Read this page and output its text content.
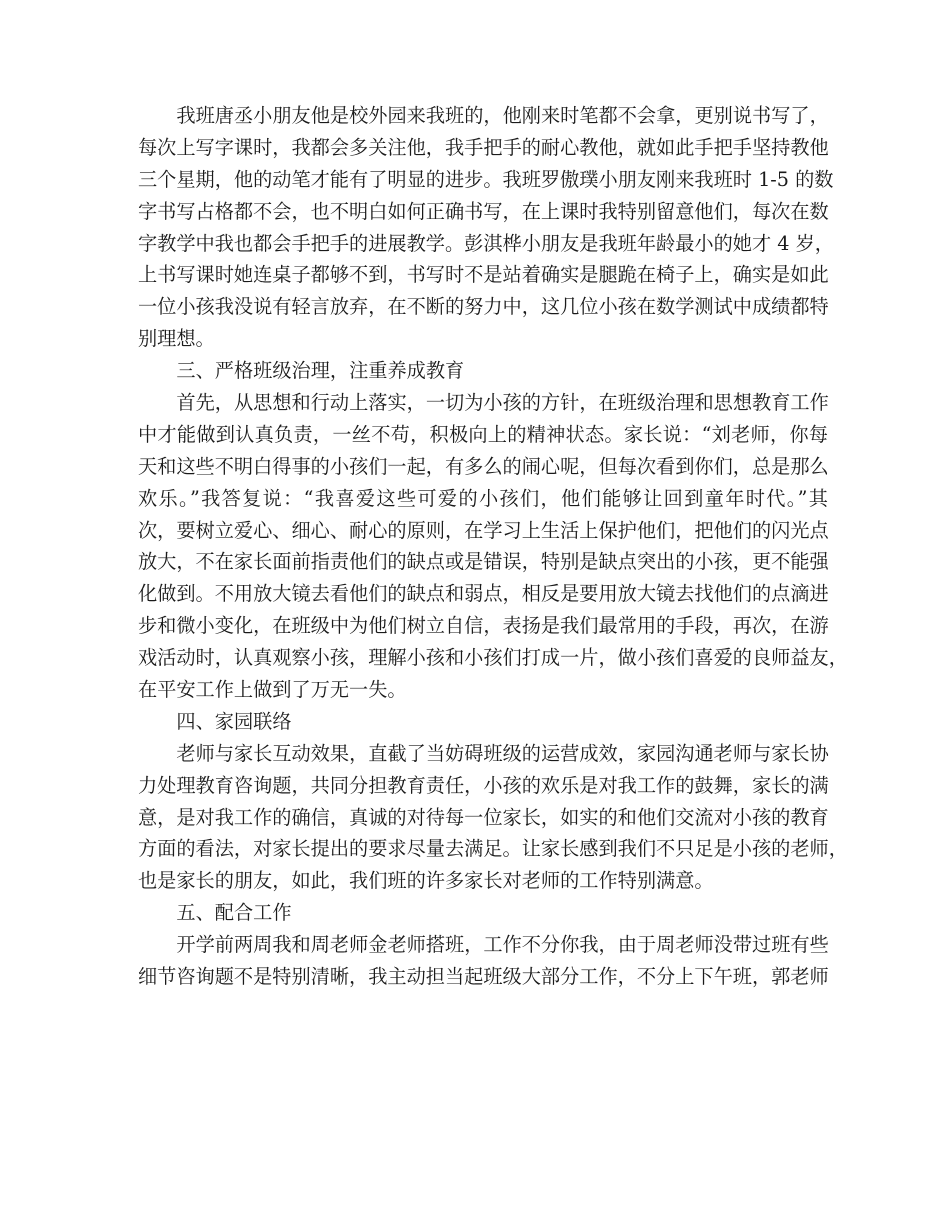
我班唐丞小朋友他是校外园来我班的，他刚来时笔都不会拿，更别说书写了，
每次上写字课时，我都会多关注他，我手把手的耐心教他，就如此手把手坚持教他
三个星期，他的动笔才能有了明显的进步。我班罗傲璞小朋友刚来我班时 1-5 的数
字书写占格都不会，也不明白如何正确书写，在上课时我特别留意他们，每次在数
字教学中我也都会手把手的进展教学。彭淇桦小朋友是我班年龄最小的她才 4 岁，
上书写课时她连桌子都够不到，书写时不是站着确实是腿跪在椅子上，确实是如此
一位小孩我没说有轻言放弃，在不断的努力中，这几位小孩在数学测试中成绩都特
别理想。
三、严格班级治理，注重养成教育
首先，从思想和行动上落实，一切为小孩的方针，在班级治理和思想教育工作
中才能做到认真负责，一丝不苟，积极向上的精神状态。家长说：“刘老师，你每
天和这些不明白得事的小孩们一起，有多么的闹心呢，但每次看到你们，总是那么
欢乐。”我答复说：“我喜爱这些可爱的小孩们，他们能够让回到童年时代。”其
次，要树立爱心、细心、耐心的原则，在学习上生活上保护他们，把他们的闪光点
放大，不在家长面前指责他们的缺点或是错误，特别是缺点突出的小孩，更不能强
化做到。不用放大镜去看他们的缺点和弱点，相反是要用放大镜去找他们的点滴进
步和微小变化，在班级中为他们树立自信，表扬是我们最常用的手段，再次，在游
戏活动时，认真观察小孩，理解小孩和小孩们打成一片，做小孩们喜爱的良师益友，
在平安工作上做到了万无一失。
四、家园联络
老师与家长互动效果，直截了当妨碍班级的运营成效，家园沟通老师与家长协
力处理教育咨询题，共同分担教育责任，小孩的欢乐是对我工作的鼓舞，家长的满
意，是对我工作的确信，真诚的对待每一位家长，如实的和他们交流对小孩的教育
方面的看法，对家长提出的要求尽量去满足。让家长感到我们不只足是小孩的老师，
也是家长的朋友，如此，我们班的许多家长对老师的工作特别满意。
五、配合工作
开学前两周我和周老师金老师搭班，工作不分你我，由于周老师没带过班有些
细节咨询题不是特别清晰，我主动担当起班级大部分工作，不分上下午班，郭老师
